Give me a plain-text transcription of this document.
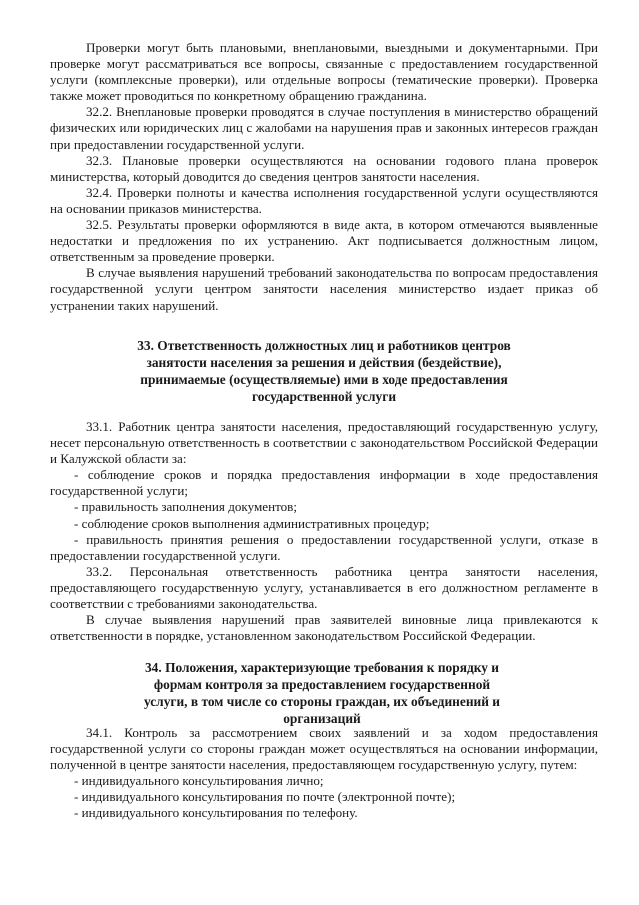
Проверки могут быть плановыми, внеплановыми, выездными и документарными. При проверке могут рассматриваться все вопросы, связанные с предоставлением государственной услуги (комплексные проверки), или отдельные вопросы (тематические проверки). Проверка также может проводиться по конкретному обращению гражданина.

32.2. Внеплановые проверки проводятся в случае поступления в министерство обращений физических или юридических лиц с жалобами на нарушения прав и законных интересов граждан при предоставлении государственной услуги.

32.3. Плановые проверки осуществляются на основании годового плана проверок министерства, который доводится до сведения центров занятости населения.

32.4. Проверки полноты и качества исполнения государственной услуги осуществляются на основании приказов министерства.

32.5. Результаты проверки оформляются в виде акта, в котором отмечаются выявленные недостатки и предложения по их устранению. Акт подписывается должностным лицом, ответственным за проведение проверки.

В случае выявления нарушений требований законодательства по вопросам предоставления государственной услуги центром занятости населения министерство издает приказ об устранении таких нарушений.

33. Ответственность должностных лиц и работников центров занятости населения за решения и действия (бездействие), принимаемые (осуществляемые) ими в ходе предоставления государственной услуги

33.1. Работник центра занятости населения, предоставляющий государственную услугу, несет персональную ответственность в соответствии с законодательством Российской Федерации и Калужской области за:

- соблюдение сроков и порядка предоставления информации в ходе предоставления государственной услуги;

- правильность заполнения документов;

- соблюдение сроков выполнения административных процедур;

- правильность принятия решения о предоставлении государственной услуги, отказе в предоставлении государственной услуги.

33.2. Персональная ответственность работника центра занятости населения, предоставляющего государственную услугу, устанавливается в его должностном регламенте в соответствии с требованиями законодательства.

В случае выявления нарушений прав заявителей виновные лица привлекаются к ответственности в порядке, установленном законодательством Российской Федерации.

34. Положения, характеризующие требования к порядку и формам контроля за предоставлением государственной услуги, в том числе со стороны граждан, их объединений и организаций

34.1. Контроль за рассмотрением своих заявлений и за ходом предоставления государственной услуги со стороны граждан может осуществляться на основании информации, полученной в центре занятости населения, предоставляющем государственную услугу, путем:

- индивидуального консультирования лично;

- индивидуального консультирования по почте (электронной почте);

- индивидуального консультирования по телефону.
